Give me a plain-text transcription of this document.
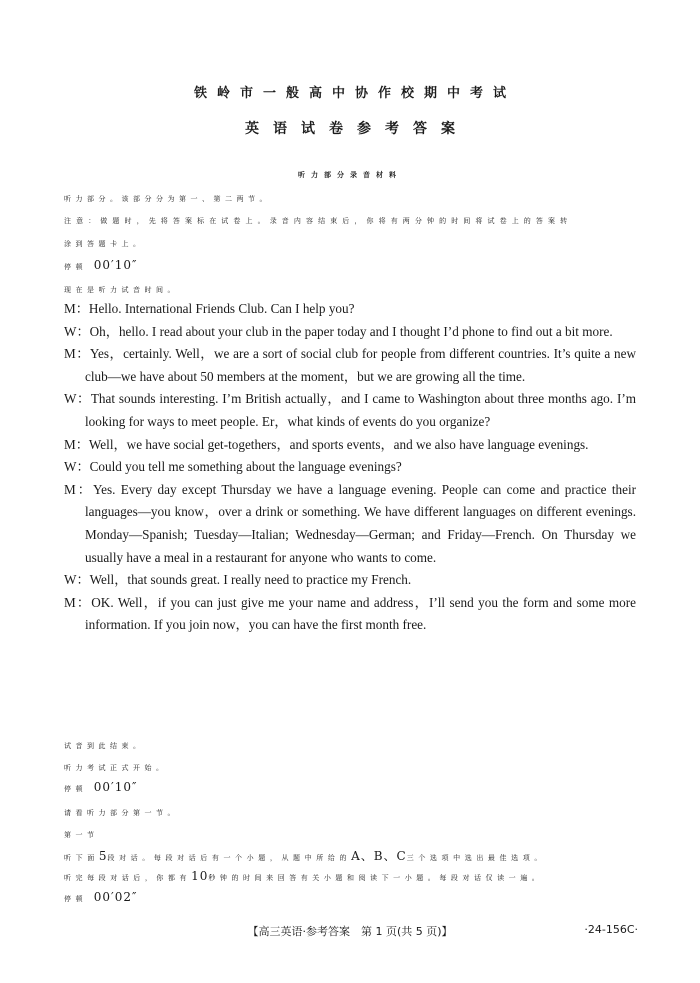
铁岭市一般高中协作校期中考试
英语试卷参考答案
听力部分录音材料
听力部分。该部分分为第一、第二两节。
注意：做题时，先将答案标在试卷上。录音内容结束后，你将有两分钟的时间将试卷上的答案转
涂到答题卡上。
停顿 00′10″
现在是听力试音时间。

M：Hello. International Friends Club. Can I help you?

W：Oh，hello. I read about your club in the paper today and I thought I’d phone to find out a bit more.

M：Yes，certainly. Well，we are a sort of social club for people from different countries. It’s quite a new club—we have about 50 members at the moment，but we are growing all the time.

W：That sounds interesting. I’m British actually，and I came to Washington about three months ago. I’m looking for ways to meet people. Er，what kinds of events do you organize?

M：Well，we have social get-togethers，and sports events，and we also have language evenings.

W：Could you tell me something about the language evenings?

M：Yes. Every day except Thursday we have a language evening. People can come and practice their languages—you know，over a drink or something. We have different languages on different evenings. Monday—Spanish; Tuesday—Italian; Wednesday—German; and Friday—French. On Thursday we usually have a meal in a restaurant for anyone who wants to come.

W：Well，that sounds great. I really need to practice my French.

M：OK. Well，if you can just give me your name and address，I’ll send you the form and some more information. If you join now，you can have the first month free.

试音到此结束。
听力考试正式开始。
停顿 00′10″
请看听力部分第一节。
第一节
听下面5段对话。每段对话后有一个小题，从题中所给的A、B、C三个选项中选出最佳选项。
听完每段对话后，你都有10秒钟的时间来回答有关小题和阅读下一小题。每段对话仅读一遍。
停顿 00′02″
【高三英语·参考答案　第 1 页(共 5 页)】	·24-156C·
